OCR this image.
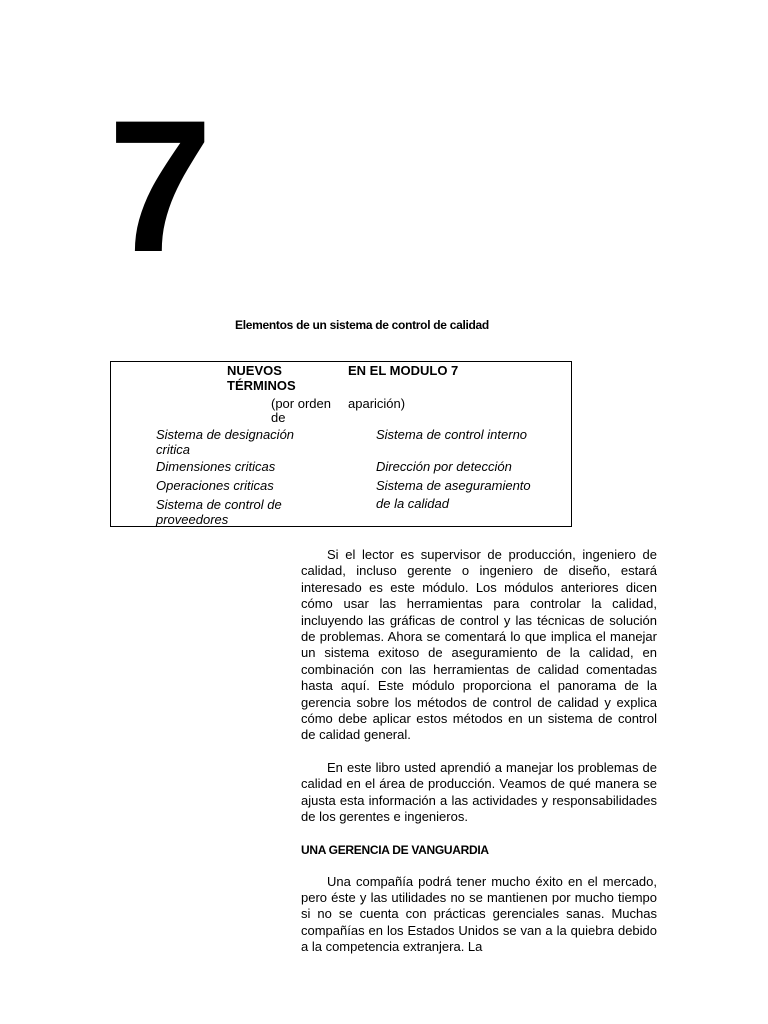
7
Elementos de un sistema de control de calidad

NUEVOS

TÉRMINOS

EN EL MODULO 7

(por orden

de

aparición)

Sistema de designación

critica

Dimensiones criticas

Operaciones criticas

Sistema de control de

proveedores

Sistema de control interno

Dirección por detección

Sistema de aseguramiento

de la calidad

Si el lector es supervisor de producción, ingeniero de calidad, incluso gerente o ingeniero de diseño, estará interesado es este módulo. Los módulos anteriores dicen cómo usar las herramientas para controlar la calidad, incluyendo las gráficas de control y las técnicas de solución de problemas. Ahora se comentará lo que implica el manejar un sistema exitoso de aseguramiento de la calidad, en combinación con las herramientas de calidad comentadas hasta aquí. Este módulo proporciona el panorama de la gerencia sobre los métodos de control de calidad y explica cómo debe aplicar estos métodos en un sistema de control de calidad general.

En este libro usted aprendió a manejar los problemas de calidad en el área de producción. Veamos de qué manera se ajusta esta información a las actividades y responsabilidades de los gerentes e ingenieros.

UNA GERENCIA DE VANGUARDIA

Una compañía podrá tener mucho éxito en el mercado, pero éste y las utilidades no se mantienen por mucho tiempo si no se cuenta con prácticas gerenciales sanas. Muchas compañías en los Estados Unidos se van a la quiebra debido a la competencia extranjera. La
